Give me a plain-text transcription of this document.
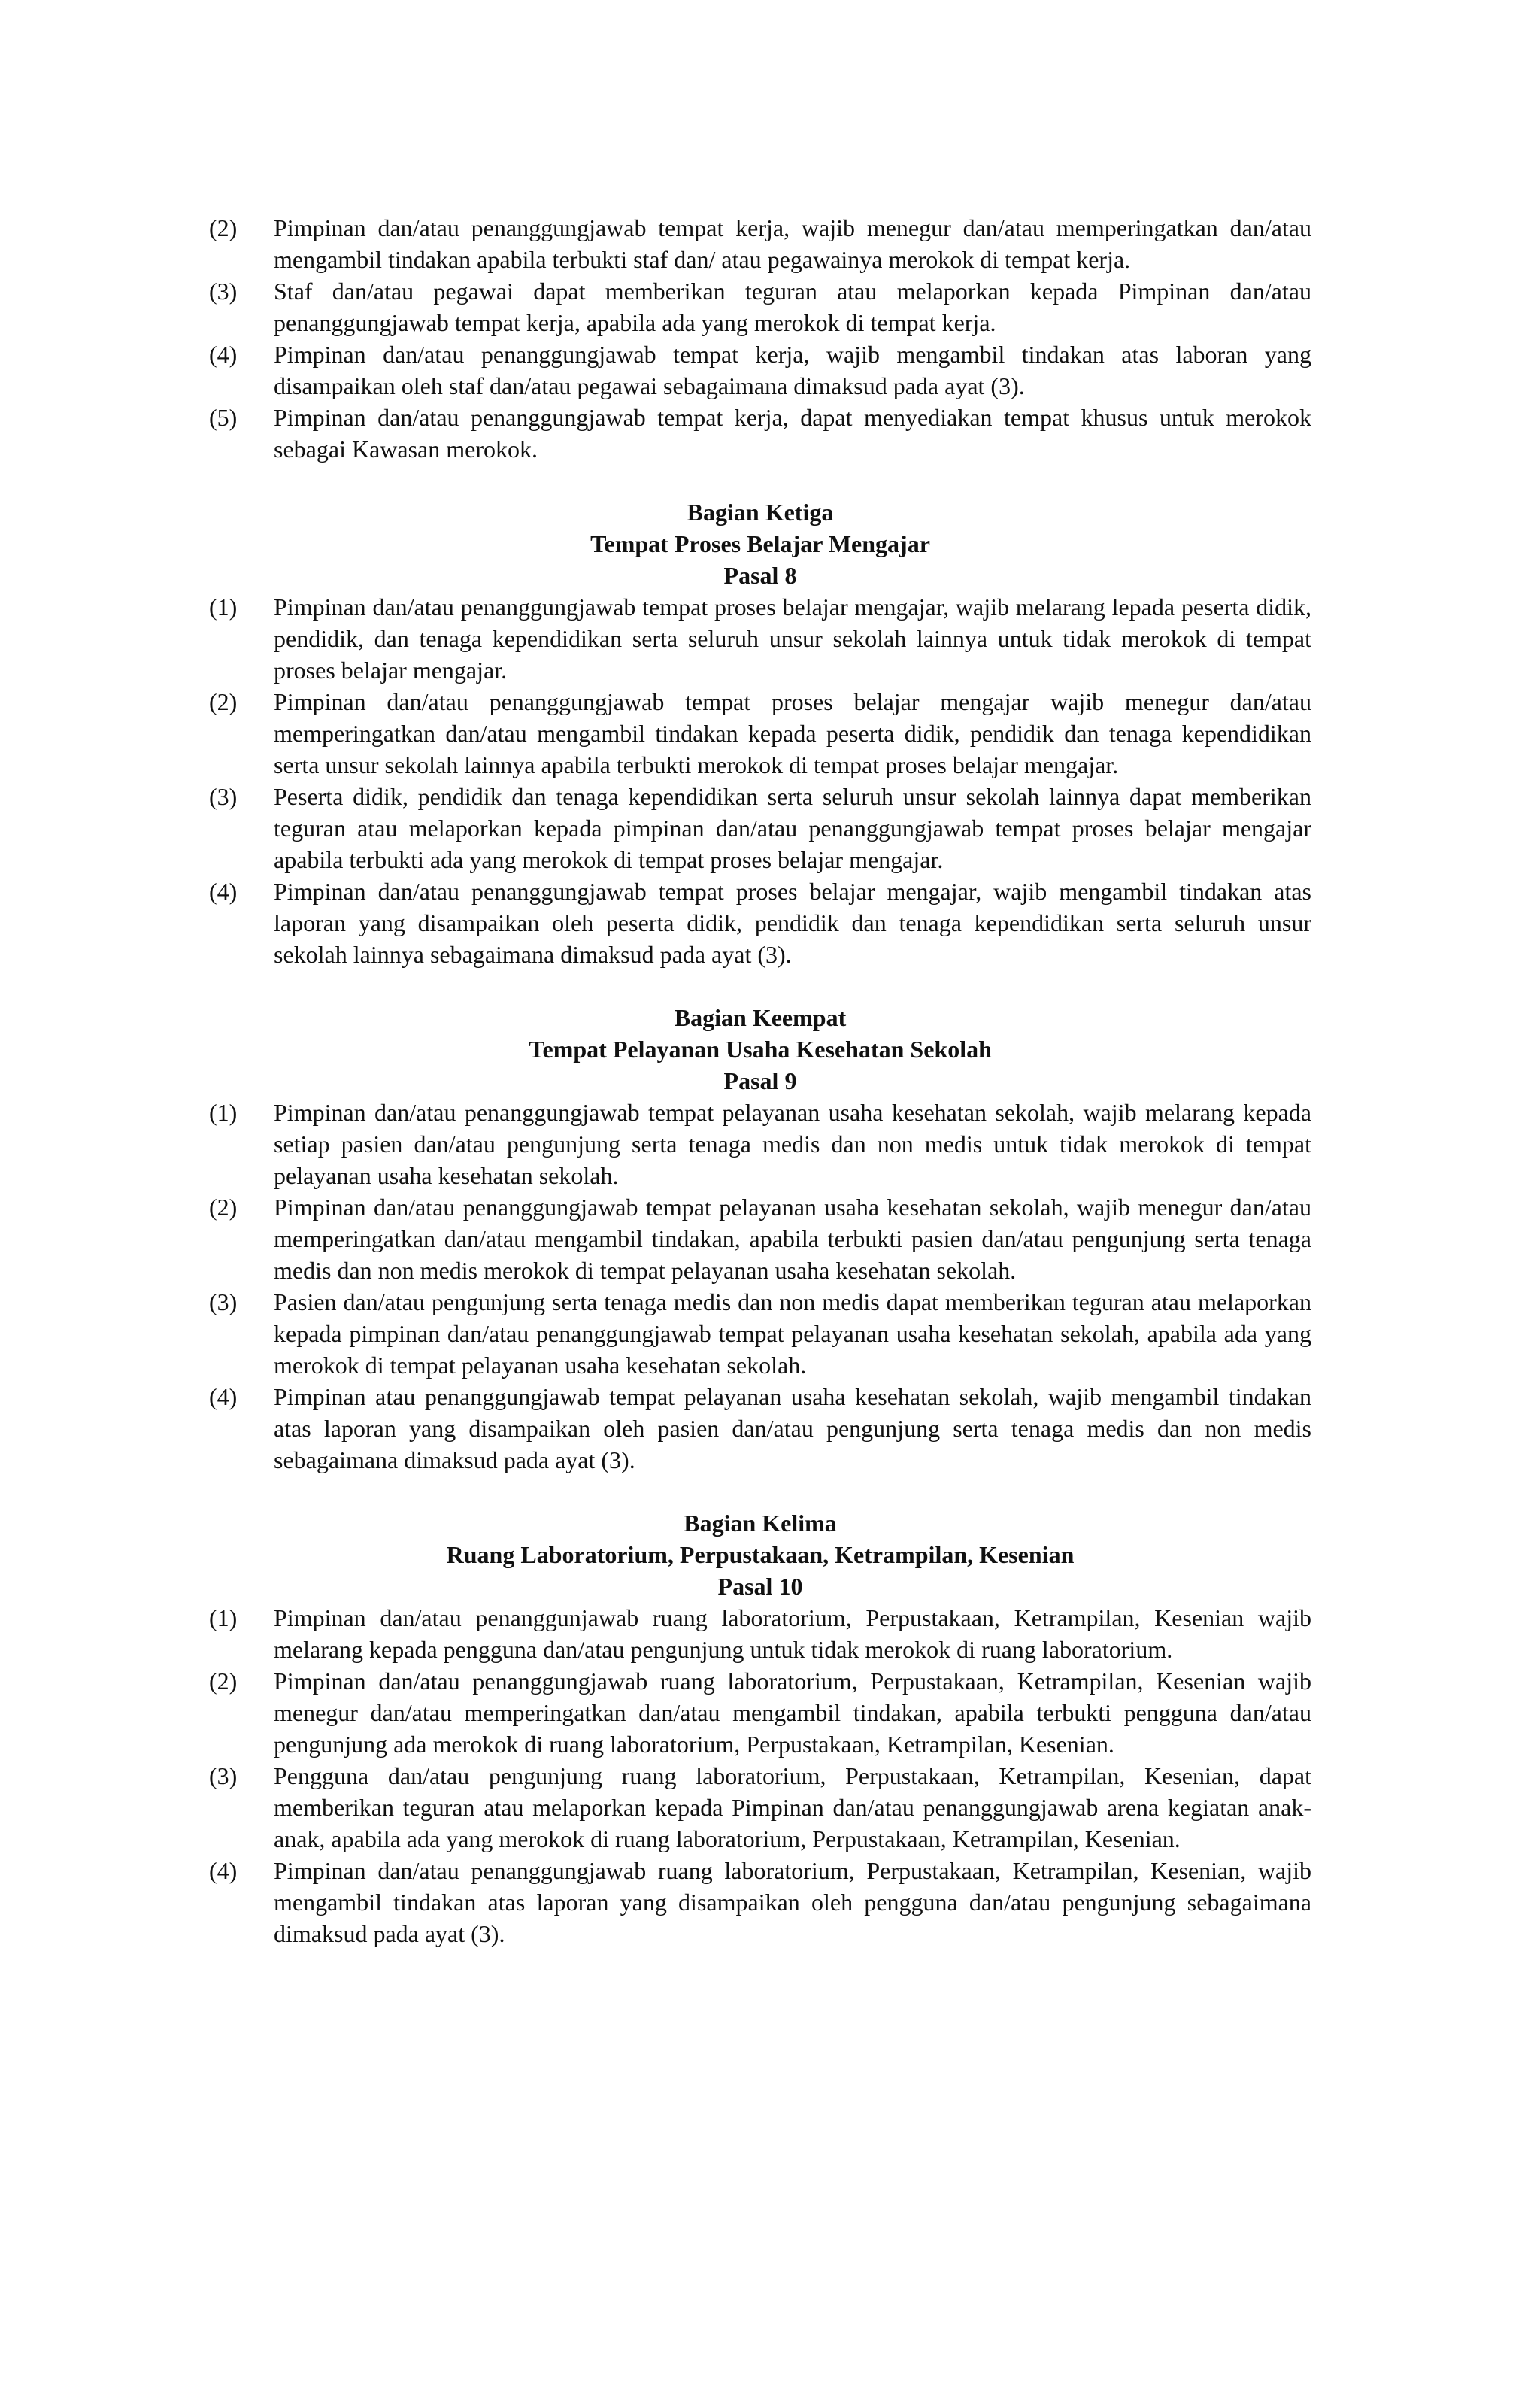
(2)	Pimpinan dan/atau penanggungjawab tempat kerja, wajib menegur dan/atau memperingatkan dan/atau mengambil tindakan apabila terbukti staf dan/ atau pegawainya merokok di tempat kerja.
(3)	Staf dan/atau pegawai dapat memberikan teguran atau melaporkan kepada Pimpinan dan/atau penanggungjawab tempat kerja, apabila ada yang merokok di tempat kerja.
(4)	Pimpinan dan/atau penanggungjawab tempat kerja, wajib mengambil tindakan atas laboran yang disampaikan oleh staf dan/atau pegawai sebagaimana dimaksud pada ayat (3).
(5)	Pimpinan dan/atau penanggungjawab tempat kerja, dapat menyediakan tempat khusus untuk merokok sebagai Kawasan merokok.
Bagian Ketiga
Tempat Proses Belajar Mengajar
Pasal 8
(1)	Pimpinan dan/atau penanggungjawab tempat proses belajar mengajar, wajib melarang lepada peserta didik, pendidik, dan tenaga kependidikan serta seluruh unsur sekolah lainnya untuk tidak merokok di tempat proses belajar mengajar.
(2)	Pimpinan dan/atau penanggungjawab tempat proses belajar mengajar wajib menegur dan/atau memperingatkan dan/atau mengambil tindakan kepada peserta didik, pendidik dan tenaga kependidikan serta unsur sekolah lainnya apabila terbukti merokok di tempat proses belajar mengajar.
(3)	Peserta didik, pendidik dan tenaga kependidikan serta seluruh unsur sekolah lainnya dapat memberikan teguran atau melaporkan kepada pimpinan dan/atau penanggungjawab tempat proses belajar mengajar apabila terbukti ada yang merokok di tempat proses belajar mengajar.
(4)	Pimpinan dan/atau penanggungjawab tempat proses belajar mengajar, wajib mengambil tindakan atas laporan yang disampaikan oleh peserta didik, pendidik dan tenaga kependidikan serta seluruh unsur sekolah lainnya sebagaimana dimaksud pada ayat (3).
Bagian Keempat
Tempat Pelayanan Usaha Kesehatan Sekolah
Pasal 9
(1)	Pimpinan dan/atau penanggungjawab tempat pelayanan usaha kesehatan sekolah, wajib melarang kepada setiap pasien dan/atau pengunjung serta tenaga medis dan non medis untuk tidak merokok di tempat pelayanan usaha kesehatan sekolah.
(2)	Pimpinan dan/atau penanggungjawab tempat pelayanan usaha kesehatan sekolah, wajib menegur dan/atau memperingatkan dan/atau mengambil tindakan, apabila terbukti pasien dan/atau pengunjung serta tenaga medis dan non medis merokok di tempat pelayanan usaha kesehatan sekolah.
(3)	Pasien dan/atau pengunjung serta tenaga medis dan non medis dapat memberikan teguran atau melaporkan kepada pimpinan dan/atau penanggungjawab tempat pelayanan usaha kesehatan sekolah, apabila ada yang merokok di tempat pelayanan usaha kesehatan sekolah.
(4)	Pimpinan atau penanggungjawab tempat pelayanan usaha kesehatan sekolah, wajib mengambil tindakan atas laporan yang disampaikan oleh pasien dan/atau pengunjung serta tenaga medis dan non medis sebagaimana dimaksud pada ayat (3).
Bagian Kelima
Ruang Laboratorium, Perpustakaan, Ketrampilan, Kesenian
Pasal 10
(1)	Pimpinan dan/atau penanggunjawab ruang laboratorium, Perpustakaan, Ketrampilan, Kesenian wajib melarang kepada pengguna dan/atau pengunjung untuk tidak merokok di ruang laboratorium.
(2)	Pimpinan dan/atau penanggungjawab ruang laboratorium, Perpustakaan, Ketrampilan, Kesenian wajib menegur dan/atau memperingatkan dan/atau mengambil tindakan, apabila terbukti pengguna dan/atau pengunjung ada merokok di ruang laboratorium, Perpustakaan, Ketrampilan, Kesenian.
(3)	Pengguna dan/atau pengunjung ruang laboratorium, Perpustakaan, Ketrampilan, Kesenian, dapat memberikan teguran atau melaporkan kepada Pimpinan dan/atau penanggungjawab arena kegiatan anak-anak, apabila ada yang merokok di ruang laboratorium, Perpustakaan, Ketrampilan, Kesenian.
(4)	Pimpinan dan/atau penanggungjawab ruang laboratorium, Perpustakaan, Ketrampilan, Kesenian, wajib mengambil tindakan atas laporan yang disampaikan oleh pengguna dan/atau pengunjung sebagaimana dimaksud pada ayat (3).
